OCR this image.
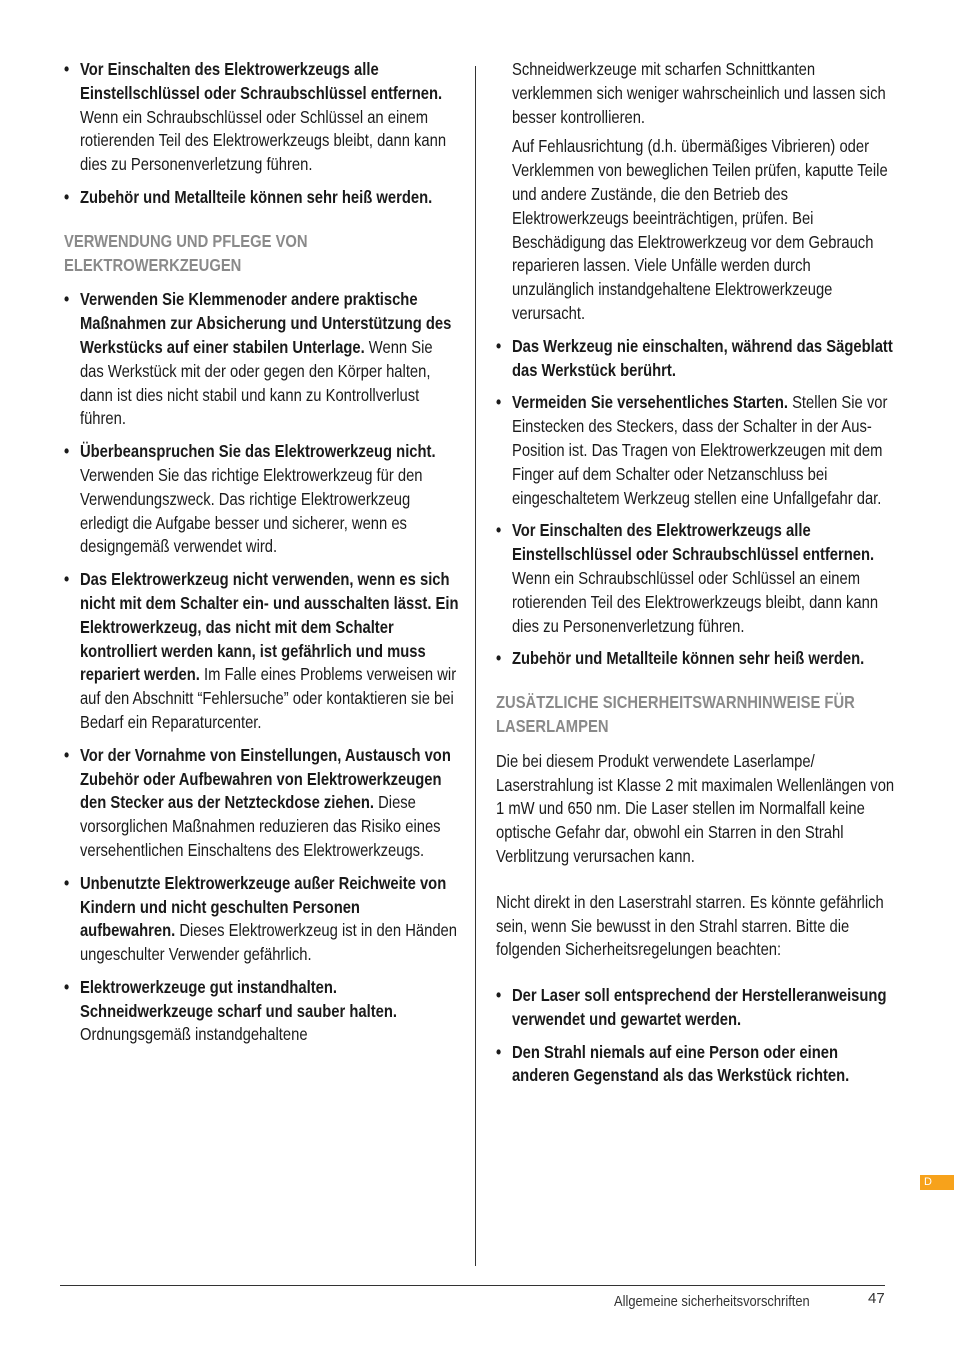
• Vor Einschalten des Elektrowerkzeugs alle Einstellschlüssel oder Schraubschlüssel entfernen. Wenn ein Schraubschlüssel oder Schlüssel an einem rotierenden Teil des Elektrowerkzeugs bleibt, dann kann dies zu Personenverletzung führen.
• Zubehör und Metallteile können sehr heiß werden.
VERWENDUNG UND PFLEGE VON ELEKTROWERKZEUGEN
• Verwenden Sie Klemmenoder andere praktische Maßnahmen zur Absicherung und Unterstützung des Werkstücks auf einer stabilen Unterlage. Wenn Sie das Werkstück mit der oder gegen den Körper halten, dann ist dies nicht stabil und kann zu Kontrollverlust führen.
• Überbeanspruchen Sie das Elektrowerkzeug nicht. Verwenden Sie das richtige Elektrowerkzeug für den Verwendungszweck. Das richtige Elektrowerkzeug erledigt die Aufgabe besser und sicherer, wenn es designgemäß verwendet wird.
• Das Elektrowerkzeug nicht verwenden, wenn es sich nicht mit dem Schalter ein- und ausschalten lässt. Ein Elektrowerkzeug, das nicht mit dem Schalter kontrolliert werden kann, ist gefährlich und muss repariert werden. Im Falle eines Problems verweisen wir auf den Abschnitt “Fehlersuche” oder kontaktieren sie bei Bedarf ein Reparaturcenter.
• Vor der Vornahme von Einstellungen, Austausch von Zubehör oder Aufbewahren von Elektrowerkzeugen den Stecker aus der Netzteckdose ziehen. Diese vorsorglichen Maßnahmen reduzieren das Risiko eines versehentlichen Einschaltens des Elektrowerkzeugs.
• Unbenutzte Elektrowerkzeuge außer Reichweite von Kindern und nicht geschulten Personen aufbewahren. Dieses Elektrowerkzeug ist in den Händen ungeschulter Verwender gefährlich.
• Elektrowerkzeuge gut instandhalten. Schneidwerkzeuge scharf und sauber halten. Ordnungsgemäß instandgehaltene
Schneidwerkzeuge mit scharfen Schnittkanten verklemmen sich weniger wahrscheinlich und lassen sich besser kontrollieren.
Auf Fehlausrichtung (d.h. übermäßiges Vibrieren) oder Verklemmen von beweglichen Teilen prüfen, kaputte Teile und andere Zustände, die den Betrieb des Elektrowerkzeugs beeinträchtigen, prüfen. Bei Beschädigung das Elektrowerkzeug vor dem Gebrauch reparieren lassen. Viele Unfälle werden durch unzulänglich instandgehaltene Elektrowerkzeuge verursacht.
• Das Werkzeug nie einschalten, während das Sägeblatt das Werkstück berührt.
• Vermeiden Sie versehentliches Starten. Stellen Sie vor Einstecken des Steckers, dass der Schalter in der Aus-Position ist. Das Tragen von Elektrowerkzeugen mit dem Finger auf dem Schalter oder Netzanschluss bei eingeschaltetem Werkzeug stellen eine Unfallgefahr dar.
• Vor Einschalten des Elektrowerkzeugs alle Einstellschlüssel oder Schraubschlüssel entfernen. Wenn ein Schraubschlüssel oder Schlüssel an einem rotierenden Teil des Elektrowerkzeugs bleibt, dann kann dies zu Personenverletzung führen.
• Zubehör und Metallteile können sehr heiß werden.
ZUSÄTZLICHE SICHERHEITSWARNHINWEISE FÜR LASERLAMPEN
Die bei diesem Produkt verwendete Laserlampe/ Laserstrahlung ist Klasse 2 mit maximalen Wellenlängen von 1 mW und 650 nm. Die Laser stellen im Normalfall keine optische Gefahr dar, obwohl ein Starren in den Strahl Verblitzung verursachen kann.
Nicht direkt in den Laserstrahl starren. Es könnte gefährlich sein, wenn Sie bewusst in den Strahl starren. Bitte die folgenden Sicherheitsregelungen beachten:
• Der Laser soll entsprechend der Herstelleranweisung verwendet und gewartet werden.
• Den Strahl niemals auf eine Person oder einen anderen Gegenstand als das Werkstück richten.
D
Allgemeine sicherheitsvorschriften	47
